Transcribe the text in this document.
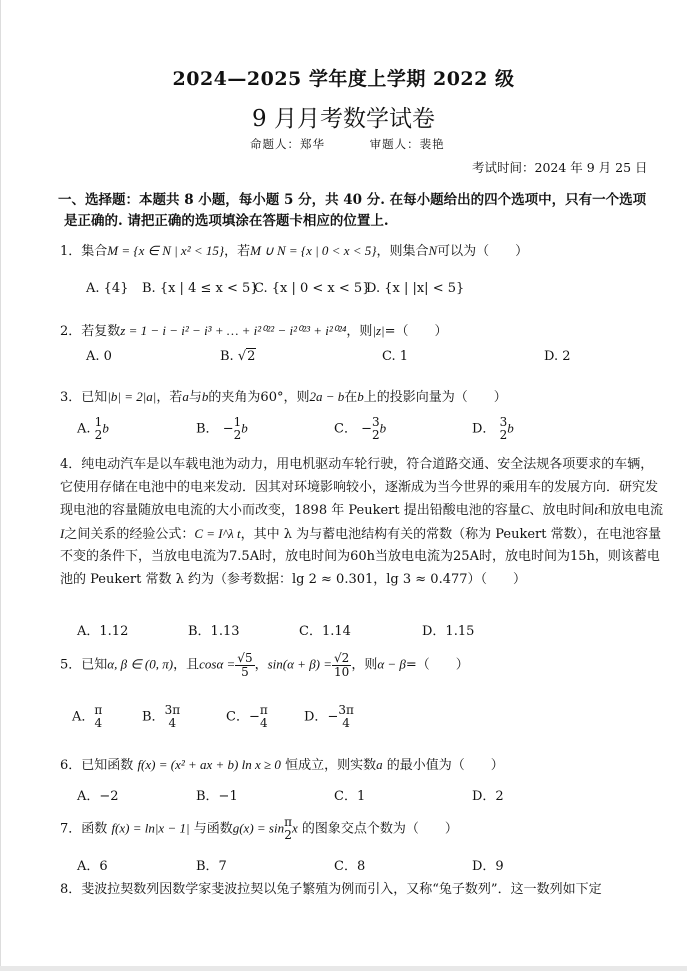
2024—2025 学年度上学期 2022 级
9 月月考数学试卷
命题人：郑华	审题人：裴艳
考试时间：2024 年 9 月 25 日
一、选择题：本题共 8 小题，每小题 5 分，共 40 分. 在每小题给出的四个选项中，只有一个选项是正确的. 请把正确的选项填涂在答题卡相应的位置上.
1．集合M = {x ∈ N | x² < 15}，若M ∪ N = {x | 0 < x < 5}，则集合N可以为（　　）
A. {4} B. {x | 4 ≤ x < 5}
C. {x | 0 < x < 5}
D. {x | |x| < 5}
2．若复数z = 1 − i − i² − i³ + … + i²⁰²² − i²⁰²³ + i²⁰²⁴，则|z|=（　　）
A. 0	B. √2	C. 1	D. 2
3．已知|b| = 2|a|，若a与b的夹角为60°，则2a − b在b上的投影向量为（　　）
A. 1
2 b	B． − 1
2 b	C． − 3
2 b	D． 3
2 b
4．纯电动汽车是以车载电池为动力，用电机驱动车轮行驶，符合道路交通、安全法规各项要求的车辆，它使用存储在电池中的电来发动．因其对环境影响较小，逐渐成为当今世界的乘用车的发展方向．研究发现电池的容量随放电电流的大小而改变，1898 年 Peukert 提出铅酸电池的容量C、放电时间t和放电电流I之间关系的经验公式：C = I^λ t，其中 λ 为与蓄电池结构有关的常数（称为 Peukert 常数），在电池容量不变的条件下，当放电电流为7.5A时，放电时间为60h当放电电流为25A时，放电时间为15h，则该蓄电池的 Peukert 常数 λ 约为（参考数据：lg 2 ≈ 0.301，lg 3 ≈ 0.477）（　　）
A．1.12	B．1.13	C．1.14	D．1.15
5．已知α, β ∈ (0, π)，且$\cos\alpha = \frac{√5}{5}$ ，$\sin(\alpha + \beta) = \frac{√2}{10}$ ，则α − β=（　　）
A． π
4	B． 3π
4	C．− π
4	D．− 3π
4
6．已知函数 f(x) = (x² + ax + b) ln x ≥ 0 恒成立，则实数a 的最小值为（　　）
A．−2	B．−1	C．1	D．2
7．函数 f(x) = ln|x − 1| 与函数g(x) = sin π
2 x 的图象交点个数为（　　）
A．6	B．7	C．8	D．9
8．斐波拉契数列因数学家斐波拉契以兔子繁殖为例而引入，又称“兔子数列”．这一数列如下定
